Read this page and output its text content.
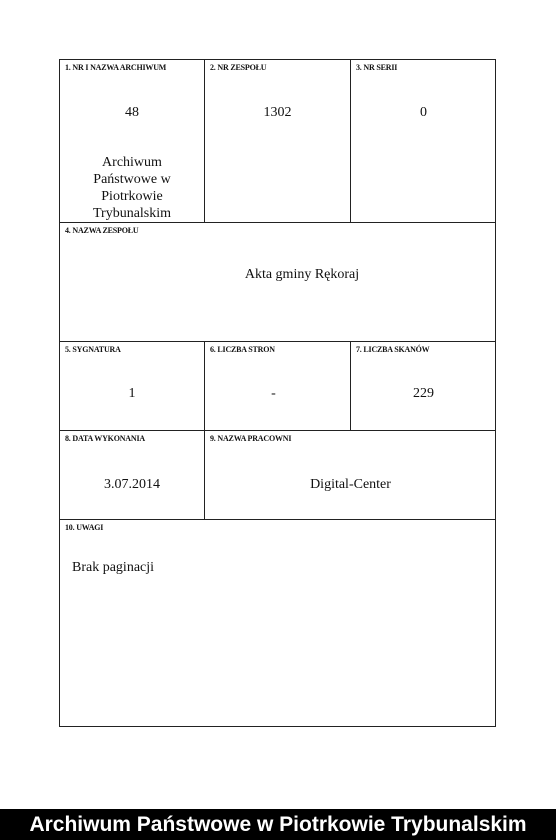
1. NR I NAZWA ARCHIWUM
48
Archiwum Państwowe w Piotrkowie Trybunalskim
2. NR ZESPOŁU
1302
3. NR SERII
0
4. NAZWA ZESPOŁU
Akta gminy Rękoraj
5. SYGNATURA
1
6. LICZBA STRON
-
7. LICZBA SKANÓW
229
8. DATA WYKONANIA
3.07.2014
9. NAZWA PRACOWNI
Digital-Center
10. UWAGI
Brak paginacji
Archiwum Państwowe w Piotrkowie Trybunalskim
